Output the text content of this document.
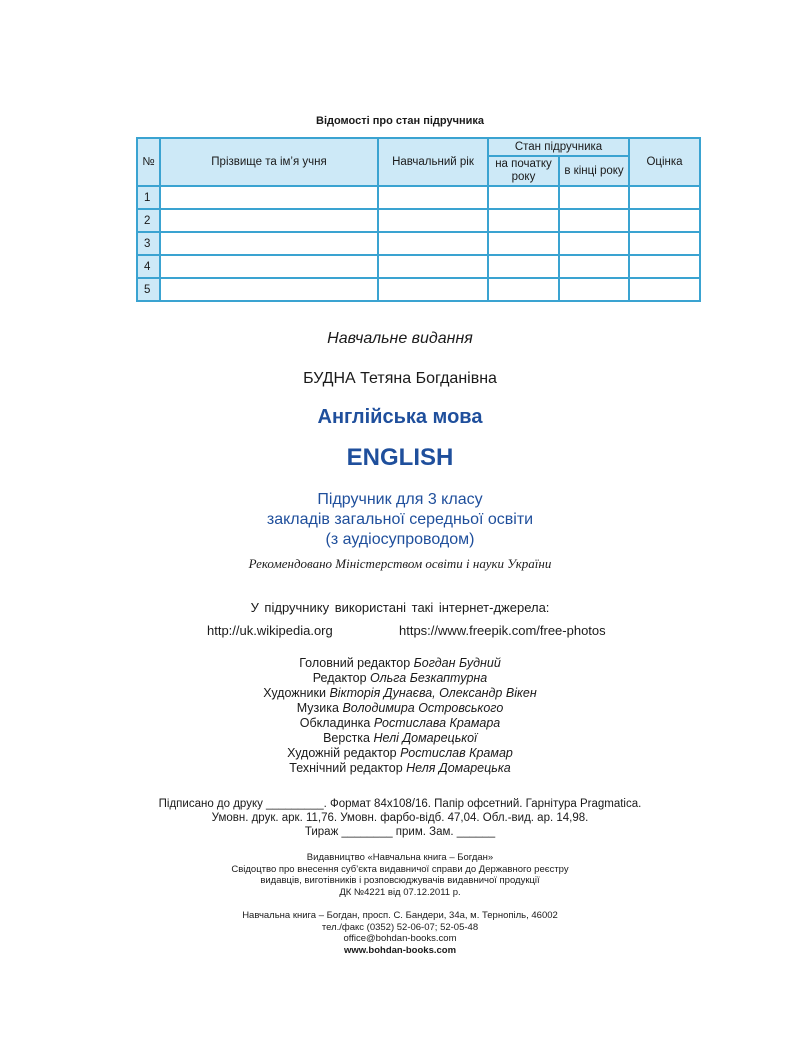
Відомості про стан підручника
№	Прізвище та ім’я учня	Навчальний рік	Стан підручника		Оцінка
			на початку року	в кінці року	
1					
2					
3					
4					
5					
Навчальне видання
БУДНА Тетяна Богданівна
Англійська мова
ENGLISH
Підручник для 3 класу
закладів загальної середньої освіти
(з аудіосупроводом)
Рекомендовано Міністерством освіти і науки України
У підручнику використані такі інтернет-джерела:
http://uk.wikipedia.org	https://www.freepik.com/free-photos
Головний редактор Богдан Будний
Редактор Ольга Безкаптурна
Художники Вікторія Дунаєва, Олександр Вікен
Музика Володимира Островського
Обкладинка Ростислава Крамара
Верстка Нелі Домарецької
Художній редактор Ростислав Крамар
Технічний редактор Неля Домарецька
Підписано до друку _________. Формат 84х108/16. Папір офсетний. Гарнітура Pragmatica.
Умовн. друк. арк. 11,76. Умовн. фарбо-відб. 47,04. Обл.-вид. ар. 14,98.
Тираж ________ прим. Зам. ______
Видавництво «Навчальна книга – Богдан»
Свідоцтво про внесення суб’єкта видавничої справи до Державного реєстру
видавців, виготівників і розповсюджувачів видавничої продукції
ДК №4221 від 07.12.2011 р.
Навчальна книга – Богдан, просп. С. Бандери, 34а, м. Тернопіль, 46002
тел./факс (0352) 52-06-07; 52-05-48
office@bohdan-books.com
www.bohdan-books.com
